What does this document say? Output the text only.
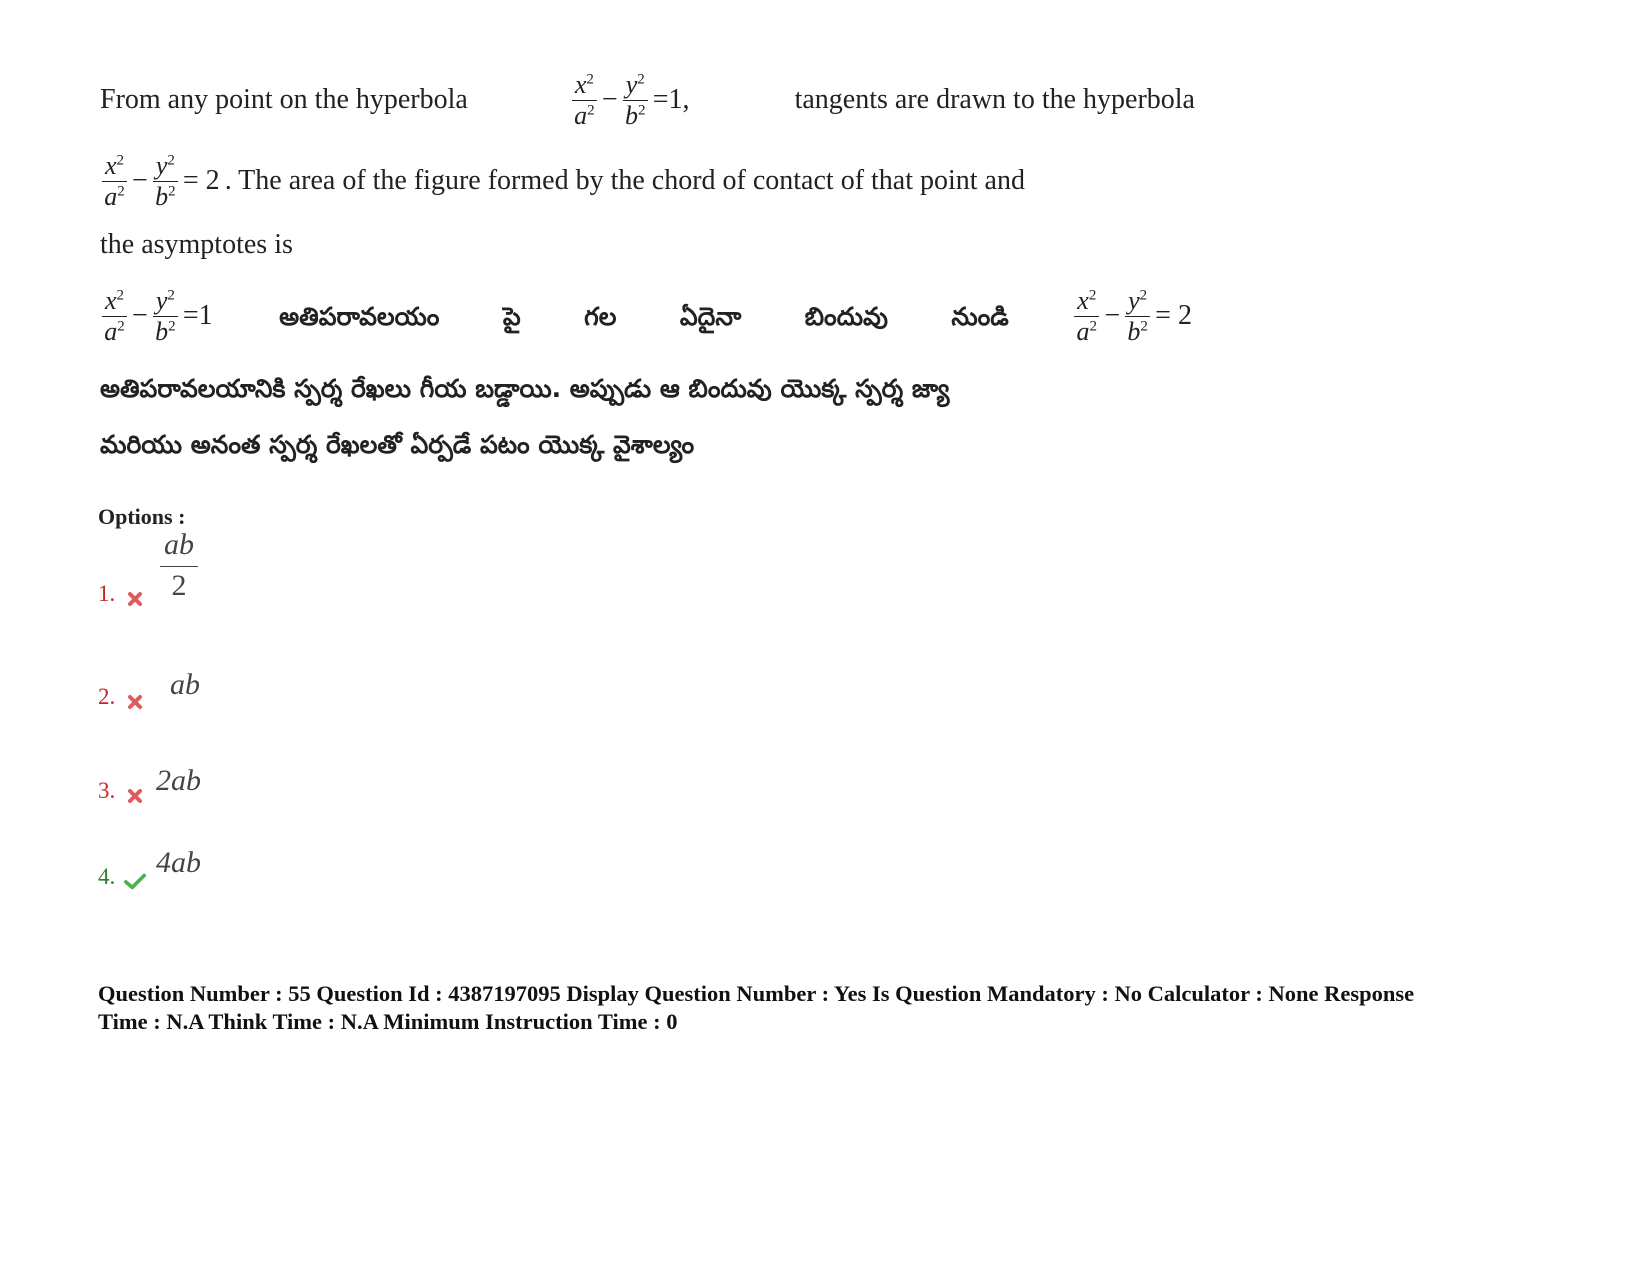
From any point on the hyperbola	$\frac{x^2}{a^2} - \frac{y^2}{b^2} =1$,	tangents are drawn to the hyperbola
$\frac{x^2}{a^2} - \frac{y^2}{b^2} = 2$ . The area of the figure formed by the chord of contact of that point and
the asymptotes is
$\frac{x^2}{a^2} - \frac{y^2}{b^2} =1$	అతిపరావలయం	పై	గల	ఏదైనా	బిందువు	నుండి	$\frac{x^2}{a^2} - \frac{y^2}{b^2} = 2$
అతిపరావలయానికి స్పర్శ రేఖలు గీయ బడ్డాయి. అప్పుడు ఆ బిందువు యొక్క స్పర్శ జ్యా
మరియు అనంత స్పర్శ రేఖలతో ఏర్పడే పటం యొక్క వైశాల్యం
Options :
1. $\frac{ab}{2}$
2. ab
3. 2ab
4. 4ab
Question Number : 55 Question Id : 4387197095 Display Question Number : Yes Is Question Mandatory : No Calculator : None Response
Time : N.A Think Time : N.A Minimum Instruction Time : 0
